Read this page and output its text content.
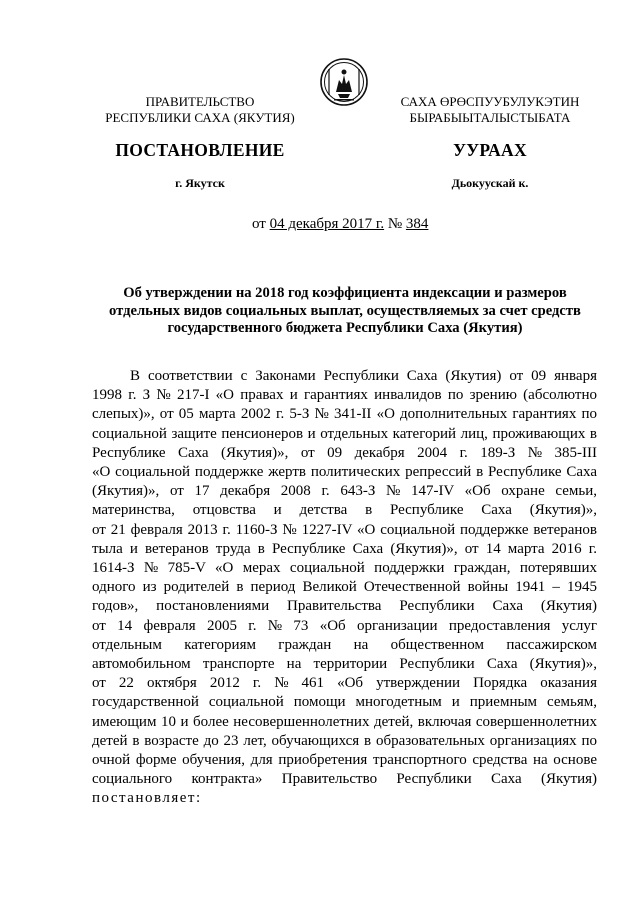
ПРАВИТЕЛЬСТВО
РЕСПУБЛИКИ САХА (ЯКУТИЯ)
САХА ӨРӨСПУУБУЛУКЭТИН
БЫРАБЫЫТАЛЫСТЫБАТА
ПОСТАНОВЛЕНИЕ	УУРААХ
г. Якутск	Дьокуускай к.
от 04 декабря 2017 г. № 384
Об утверждении на 2018 год коэффициента индексации и размеров
отдельных видов социальных выплат, осуществляемых за счет средств
государственного бюджета Республики Саха (Якутия)
В соответствии с Законами Республики Саха (Якутия) от 09 января
1998 г. З № 217-I «О правах и гарантиях инвалидов по зрению (абсолютно
слепых)», от 05 марта 2002 г. 5-З № 341-II «О дополнительных гарантиях по
социальной защите пенсионеров и отдельных категорий лиц, проживающих в
Республике Саха (Якутия)», от 09 декабря 2004 г. 189-З № 385-III
«О социальной поддержке жертв политических репрессий в Республике Саха
(Якутия)», от 17 декабря 2008 г. 643-З № 147-IV «Об охране семьи,
материнства, отцовства и детства в Республике Саха (Якутия)»,
от 21 февраля 2013 г. 1160-З № 1227-IV «О социальной поддержке ветеранов
тыла и ветеранов труда в Республике Саха (Якутия)», от 14 марта 2016 г.
1614-З № 785-V «О мерах социальной поддержки граждан, потерявших
одного из родителей в период Великой Отечественной войны 1941 – 1945
годов», постановлениями Правительства Республики Саха (Якутия)
от 14 февраля 2005 г. № 73 «Об организации предоставления услуг
отдельным категориям граждан на общественном пассажирском
автомобильном транспорте на территории Республики Саха (Якутия)»,
от 22 октября 2012 г. № 461 «Об утверждении Порядка оказания
государственной социальной помощи многодетным и приемным семьям,
имеющим 10 и более несовершеннолетних детей, включая совершеннолетних
детей в возрасте до 23 лет, обучающихся в образовательных организациях по
очной форме обучения, для приобретения транспортного средства на основе
социального контракта» Правительство Республики Саха (Якутия)
постановляет:
